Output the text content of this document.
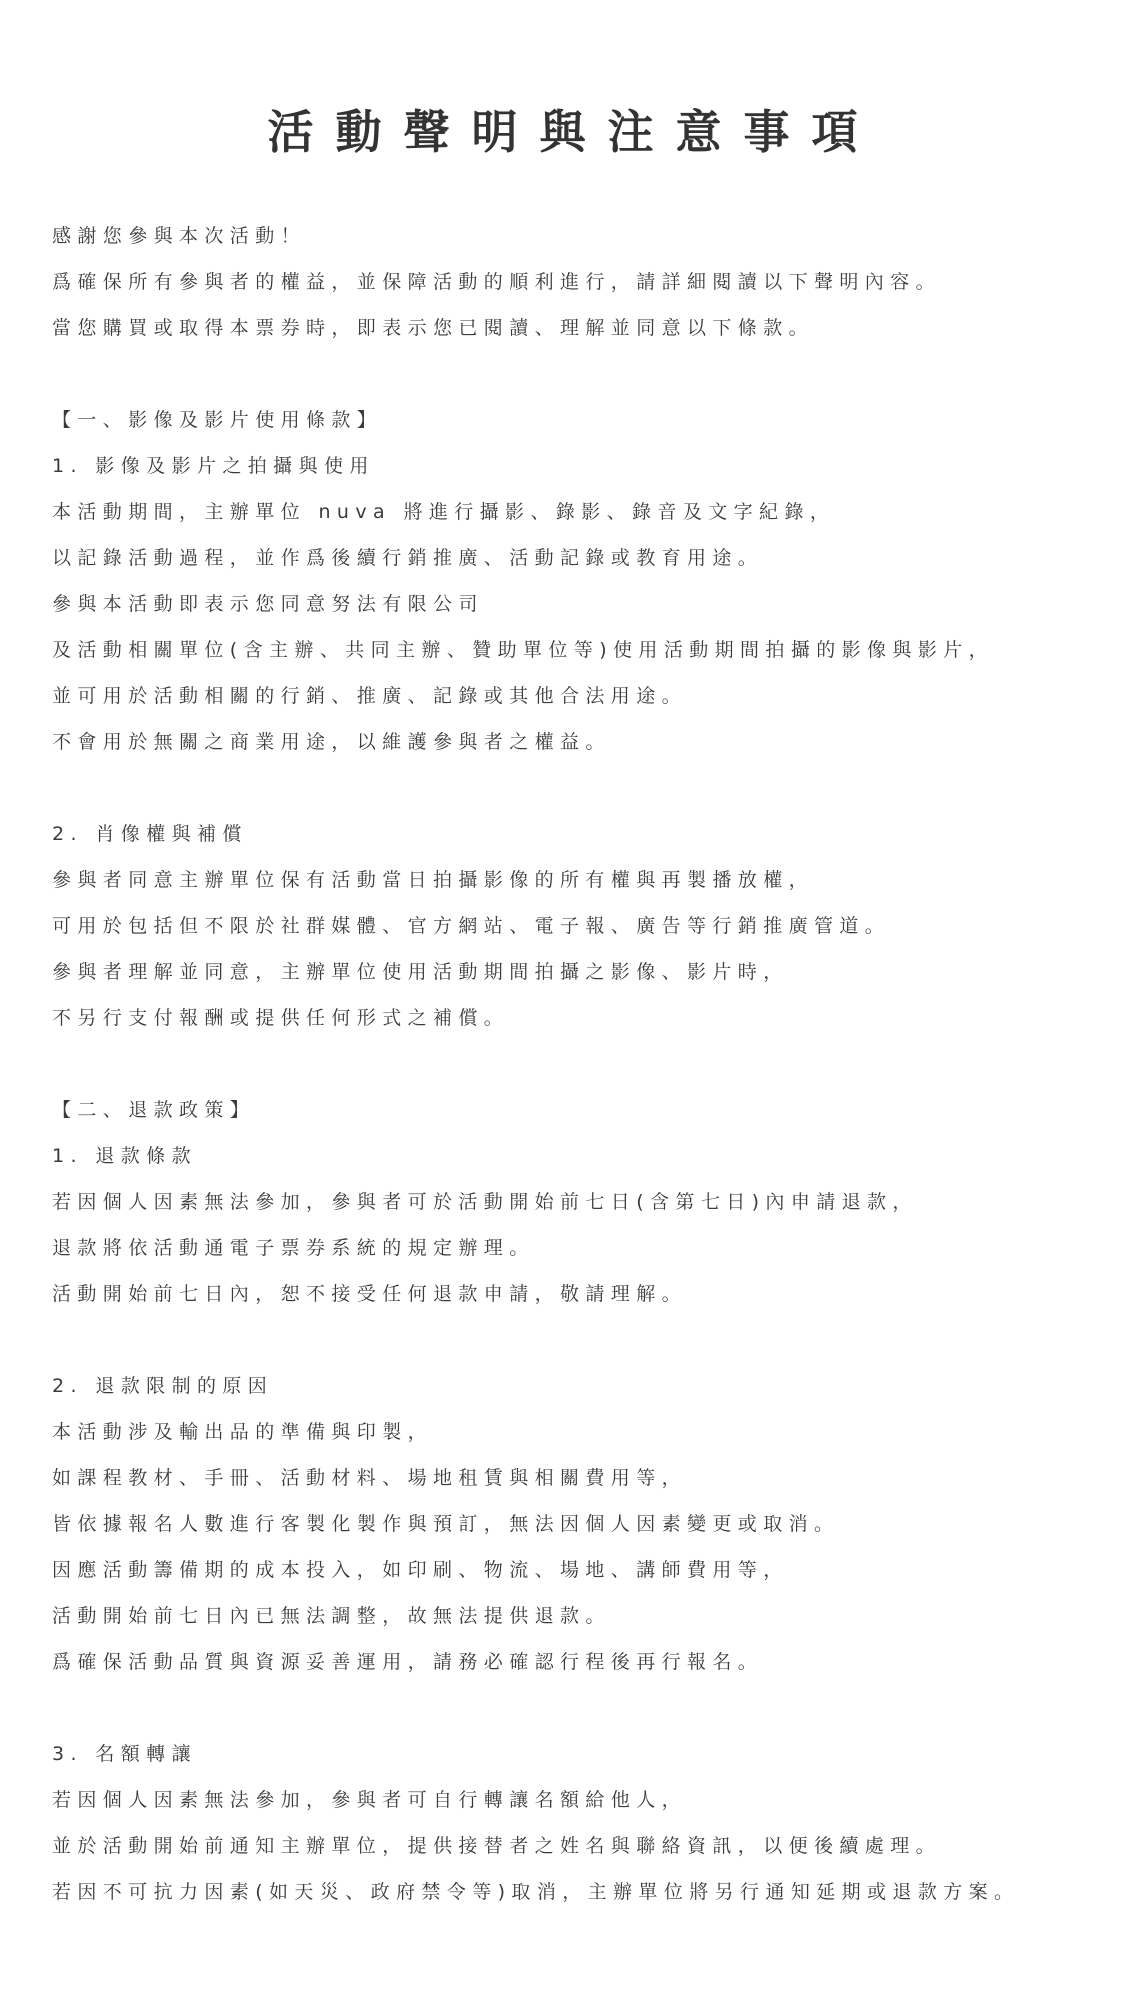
活動聲明與注意事項
感謝您參與本次活動！
爲確保所有參與者的權益，並保障活動的順利進行，請詳細閱讀以下聲明內容。
當您購買或取得本票券時，即表示您已閱讀、理解並同意以下條款。
【一、影像及影片使用條款】
1. 影像及影片之拍攝與使用
本活動期間，主辦單位 nuva 將進行攝影、錄影、錄音及文字紀錄，
以記錄活動過程，並作爲後續行銷推廣、活動記錄或教育用途。
參與本活動即表示您同意努法有限公司
及活動相關單位(含主辦、共同主辦、贊助單位等)使用活動期間拍攝的影像與影片，
並可用於活動相關的行銷、推廣、記錄或其他合法用途。
不會用於無關之商業用途，以維護參與者之權益。
2. 肖像權與補償
參與者同意主辦單位保有活動當日拍攝影像的所有權與再製播放權，
可用於包括但不限於社群媒體、官方網站、電子報、廣告等行銷推廣管道。
參與者理解並同意，主辦單位使用活動期間拍攝之影像、影片時，
不另行支付報酬或提供任何形式之補償。
【二、退款政策】
1. 退款條款
若因個人因素無法參加，參與者可於活動開始前七日(含第七日)內申請退款，
退款將依活動通電子票券系統的規定辦理。
活動開始前七日內，恕不接受任何退款申請，敬請理解。
2. 退款限制的原因
本活動涉及輸出品的準備與印製，
如課程教材、手冊、活動材料、場地租賃與相關費用等，
皆依據報名人數進行客製化製作與預訂，無法因個人因素變更或取消。
因應活動籌備期的成本投入，如印刷、物流、場地、講師費用等，
活動開始前七日內已無法調整，故無法提供退款。
爲確保活動品質與資源妥善運用，請務必確認行程後再行報名。
3. 名額轉讓
若因個人因素無法參加，參與者可自行轉讓名額給他人，
並於活動開始前通知主辦單位，提供接替者之姓名與聯絡資訊，以便後續處理。
若因不可抗力因素(如天災、政府禁令等)取消，主辦單位將另行通知延期或退款方案。
